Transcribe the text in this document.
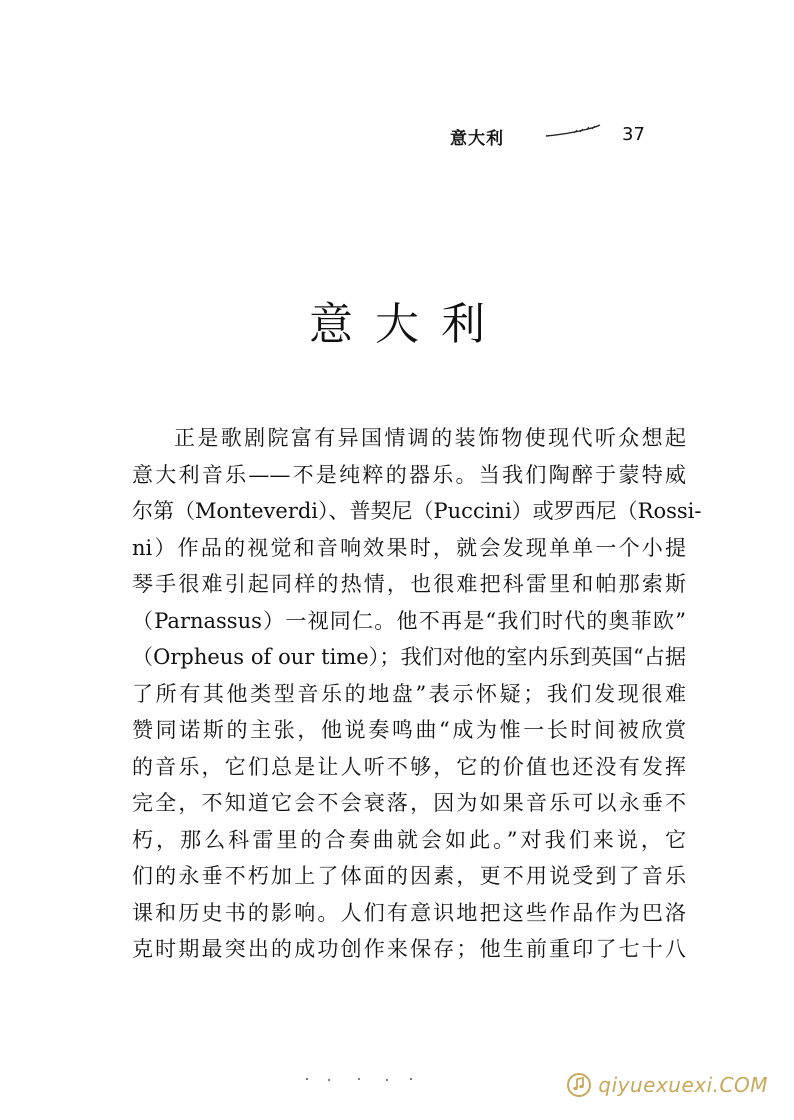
意大利	37
意大利
正是歌剧院富有异国情调的装饰物使现代听众想起
意大利音乐——不是纯粹的器乐。当我们陶醉于蒙特威
尔第（Monteverdi）、普契尼（Puccini）或罗西尼（Rossi-
ni）作品的视觉和音响效果时，就会发现单单一个小提
琴手很难引起同样的热情，也很难把科雷里和帕那索斯
（Parnassus）一视同仁。他不再是“我们时代的奥菲欧”
（Orpheus of our time）；我们对他的室内乐到英国“占据
了所有其他类型音乐的地盘”表示怀疑；我们发现很难
赞同诺斯的主张，他说奏鸣曲“成为惟一长时间被欣赏
的音乐，它们总是让人听不够，它的价值也还没有发挥
完全，不知道它会不会衰落，因为如果音乐可以永垂不
朽，那么科雷里的合奏曲就会如此。”对我们来说，它
们的永垂不朽加上了体面的因素，更不用说受到了音乐
课和历史书的影响。人们有意识地把这些作品作为巴洛
克时期最突出的成功创作来保存；他生前重印了七十八
qiyuexuexi.COM
